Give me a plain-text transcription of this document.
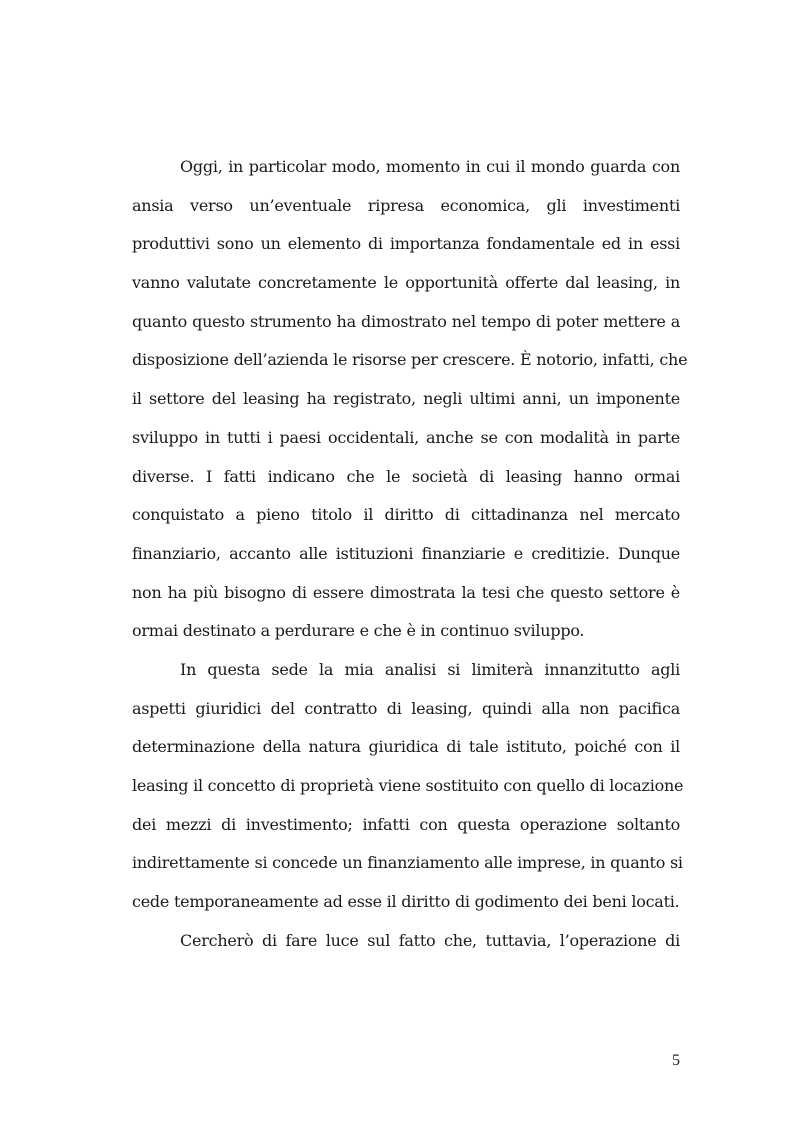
Oggi, in particolar modo, momento in cui il mondo guarda con
ansia verso un’eventuale ripresa economica, gli investimenti
produttivi sono un elemento di importanza fondamentale ed in essi
vanno valutate concretamente le opportunità offerte dal leasing, in
quanto questo strumento ha dimostrato nel tempo di poter mettere a
disposizione dell’azienda le risorse per crescere. È notorio, infatti, che
il settore del leasing ha registrato, negli ultimi anni, un imponente
sviluppo in tutti i paesi occidentali, anche se con modalità in parte
diverse. I fatti indicano che le società di leasing hanno ormai
conquistato a pieno titolo il diritto di cittadinanza nel mercato
finanziario, accanto alle istituzioni finanziarie e creditizie. Dunque
non ha più bisogno di essere dimostrata la tesi che questo settore è
ormai destinato a perdurare e che è in continuo sviluppo.
In questa sede la mia analisi si limiterà innanzitutto agli
aspetti giuridici del contratto di leasing, quindi alla non pacifica
determinazione della natura giuridica di tale istituto, poiché con il
leasing il concetto di proprietà viene sostituito con quello di locazione
dei mezzi di investimento; infatti con questa operazione soltanto
indirettamente si concede un finanziamento alle imprese, in quanto si
cede temporaneamente ad esse il diritto di godimento dei beni locati.
Cercherò di fare luce sul fatto che, tuttavia, l’operazione di
5
